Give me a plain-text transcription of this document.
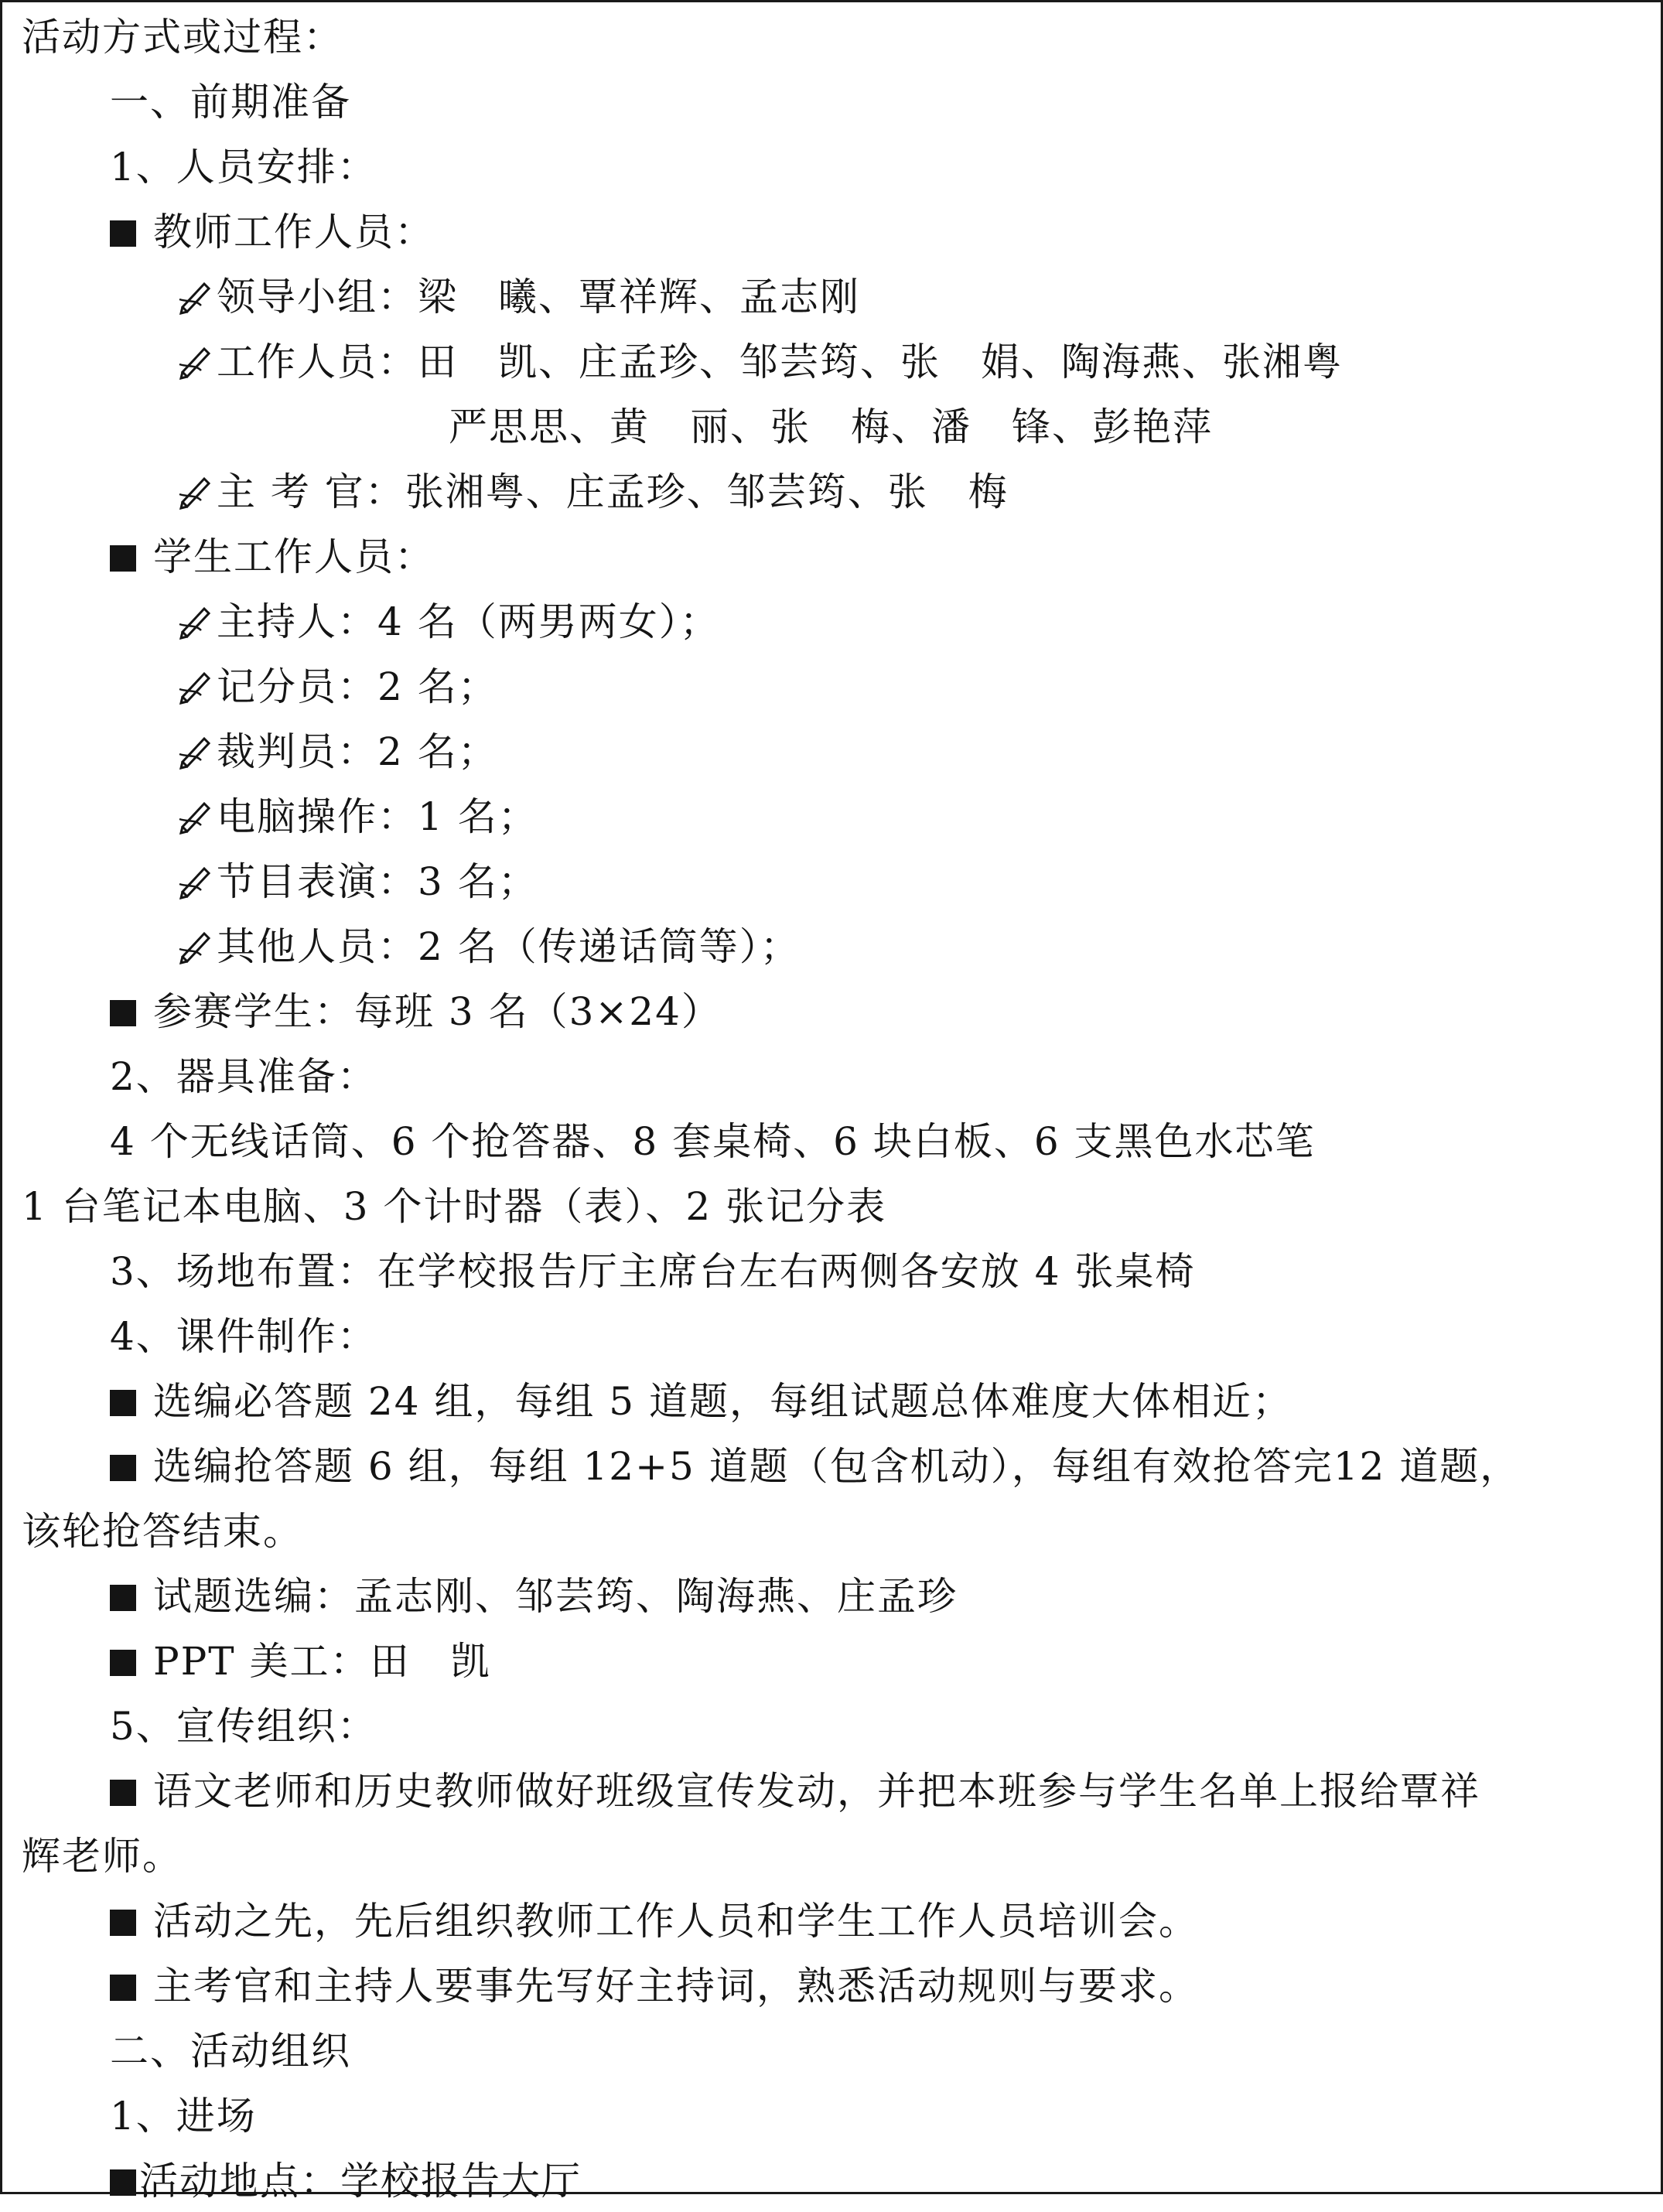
活动方式或过程：
一、前期准备
1、人员安排：
教师工作人员：
领导小组：梁　曦、覃祥辉、孟志刚
工作人员：田　凯、庄孟珍、邹芸筠、张　娟、陶海燕、张湘粤
严思思、黄　丽、张　梅、潘　锋、彭艳萍
主 考 官：张湘粤、庄孟珍、邹芸筠、张　梅
学生工作人员：
主持人：4 名（两男两女）；
记分员：2 名；
裁判员：2 名；
电脑操作：1 名；
节目表演：3 名；
其他人员：2 名（传递话筒等）；
参赛学生：每班 3 名（3×24）
2、器具准备：
4 个无线话筒、6 个抢答器、8 套桌椅、6 块白板、6 支黑色水芯笔
1 台笔记本电脑、3 个计时器（表）、2 张记分表
3、场地布置：在学校报告厅主席台左右两侧各安放 4 张桌椅
4、课件制作：
选编必答题 24 组，每组 5 道题，每组试题总体难度大体相近；
选编抢答题 6 组，每组 12+5 道题（包含机动），每组有效抢答完12 道题，
该轮抢答结束。
试题选编：孟志刚、邹芸筠、陶海燕、庄孟珍
PPT 美工：田　凯
5、宣传组织：
语文老师和历史教师做好班级宣传发动，并把本班参与学生名单上报给覃祥
辉老师。
活动之先，先后组织教师工作人员和学生工作人员培训会。
主考官和主持人要事先写好主持词，熟悉活动规则与要求。
二、活动组织
1、进场
活动地点：学校报告大厅
